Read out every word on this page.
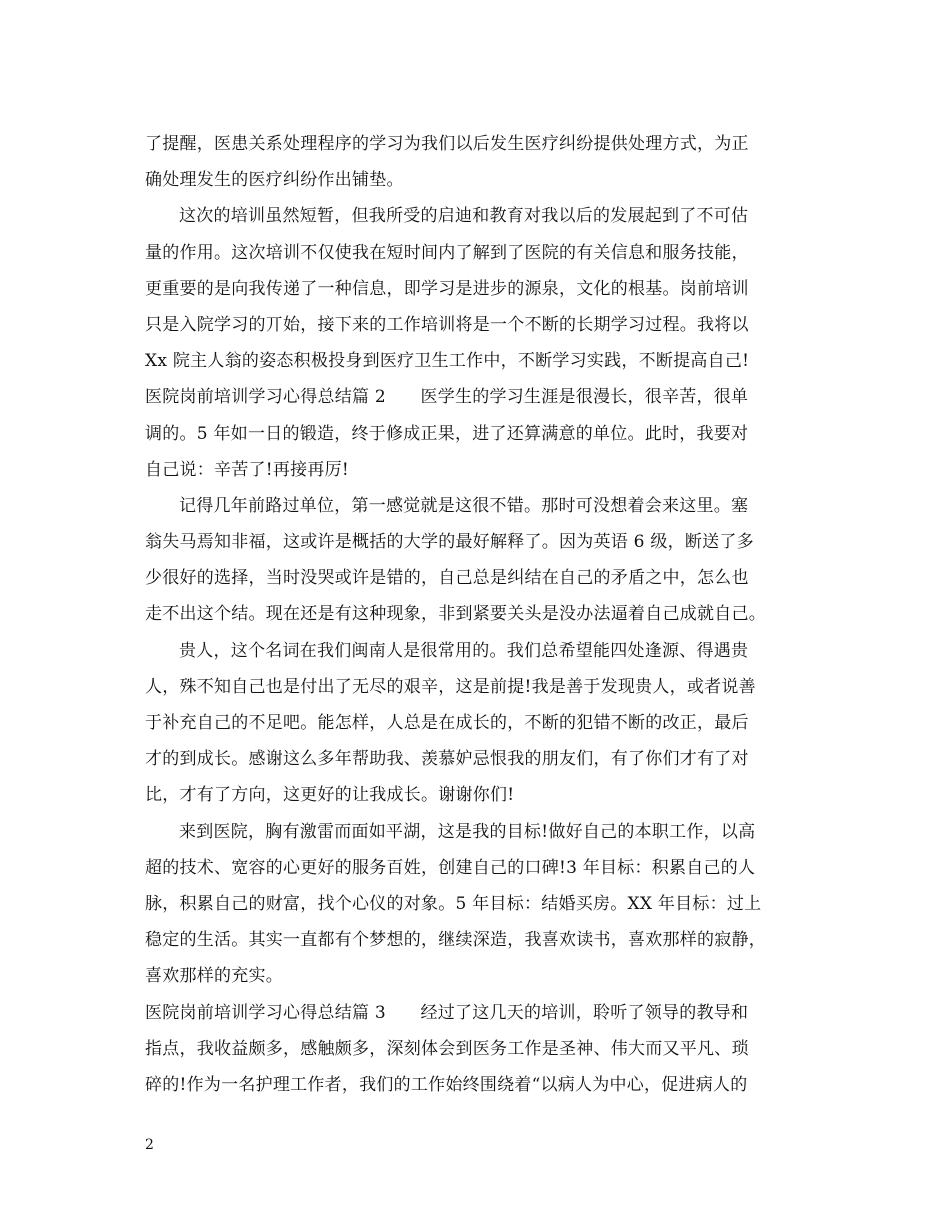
了提醒，医患关系处理程序的学习为我们以后发生医疗纠纷提供处理方式，为正
确处理发生的医疗纠纷作出铺垫。
这次的培训虽然短暂，但我所受的启迪和教育对我以后的发展起到了不可估
量的作用。这次培训不仅使我在短时间内了解到了医院的有关信息和服务技能，
更重要的是向我传递了一种信息，即学习是进步的源泉，文化的根基。岗前培训
只是入院学习的丌始，接下来的工作培训将是一个不断的长期学习过程。我将以
Xx 院主人翁的姿态积极投身到医疗卫生工作中，不断学习实践，不断提高自己!
医院岗前培训学习心得总结篇 2　　医学生的学习生涯是很漫长，很辛苦，很单
调的。5 年如一日的锻造，终于修成正果，进了还算满意的单位。此时，我要对
自己说：辛苦了!再接再厉!
记得几年前路过单位，第一感觉就是这很不错。那时可没想着会来这里。塞
翁失马焉知非福，这或许是概括的大学的最好解释了。因为英语 6 级，断送了多
少很好的选择，当时没哭或许是错的，自己总是纠结在自己的矛盾之中，怎么也
走不出这个结。现在还是有这种现象，非到紧要关头是没办法逼着自己成就自己。
贵人，这个名词在我们闽南人是很常用的。我们总希望能四处逢源、得遇贵
人，殊不知自己也是付出了无尽的艰辛，这是前提!我是善于发现贵人，或者说善
于补充自己的不足吧。能怎样，人总是在成长的，不断的犯错不断的改正，最后
才的到成长。感谢这么多年帮助我、羡慕妒忌恨我的朋友们，有了你们才有了对
比，才有了方向，这更好的让我成长。谢谢你们!
来到医院，胸有激雷而面如平湖，这是我的目标!做好自己的本职工作，以高
超的技术、宽容的心更好的服务百姓，创建自己的口碑!3 年目标：积累自己的人
脉，积累自己的财富，找个心仪的对象。5 年目标：结婚买房。XX 年目标：过上
稳定的生活。其实一直都有个梦想的，继续深造，我喜欢读书，喜欢那样的寂静，
喜欢那样的充实。
医院岗前培训学习心得总结篇 3　　经过了这几天的培训，聆听了领导的教导和
指点，我收益颇多，感触颇多，深刻体会到医务工作是圣神、伟大而又平凡、琐
碎的!作为一名护理工作者，我们的工作始终围绕着“以病人为中心，促进病人的
2
